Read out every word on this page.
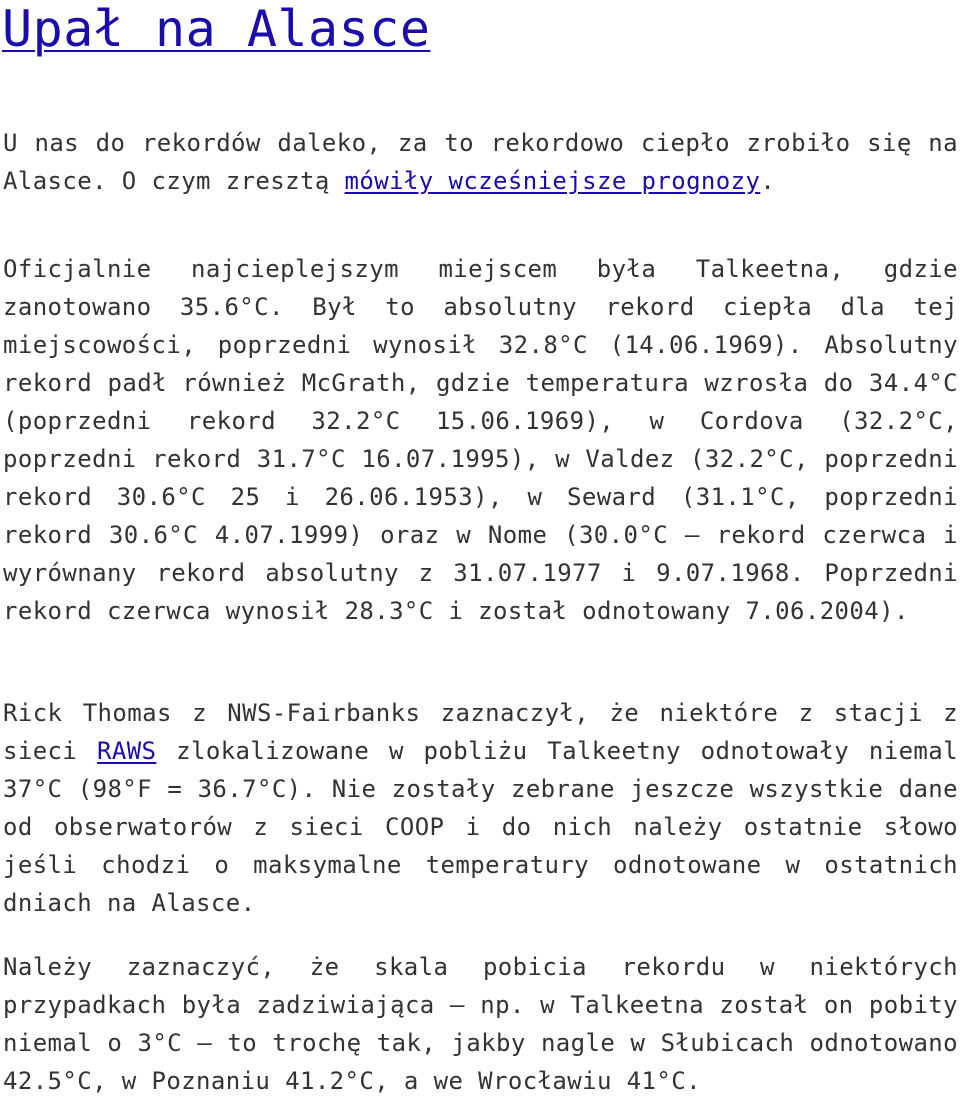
Upał na Alasce

U nas do rekordów daleko, za to rekordowo ciepło zrobiło się na Alasce. O czym zresztą mówiły wcześniejsze prognozy.

Oficjalnie najcieplejszym miejscem była Talkeetna, gdzie zanotowano 35.6°C. Był to absolutny rekord ciepła dla tej miejscowości, poprzedni wynosił 32.8°C (14.06.1969). Absolutny rekord padł również McGrath, gdzie temperatura wzrosła do 34.4°C (poprzedni rekord 32.2°C 15.06.1969), w Cordova (32.2°C, poprzedni rekord 31.7°C 16.07.1995), w Valdez (32.2°C, poprzedni rekord 30.6°C 25 i 26.06.1953), w Seward (31.1°C, poprzedni rekord 30.6°C 4.07.1999) oraz w Nome (30.0°C – rekord czerwca i wyrównany rekord absolutny z 31.07.1977 i 9.07.1968. Poprzedni rekord czerwca wynosił 28.3°C i został odnotowany 7.06.2004).

Rick Thomas z NWS-Fairbanks zaznaczył, że niektóre z stacji z sieci RAWS zlokalizowane w pobliżu Talkeetny odnotowały niemal 37°C (98°F = 36.7°C). Nie zostały zebrane jeszcze wszystkie dane od obserwatorów z sieci COOP i do nich należy ostatnie słowo jeśli chodzi o maksymalne temperatury odnotowane w ostatnich dniach na Alasce.

Należy zaznaczyć, że skala pobicia rekordu w niektórych przypadkach była zadziwiająca – np. w Talkeetna został on pobity niemal o 3°C – to trochę tak, jakby nagle w Słubicach odnotowano 42.5°C, w Poznaniu 41.2°C, a we Wrocławiu 41°C.
